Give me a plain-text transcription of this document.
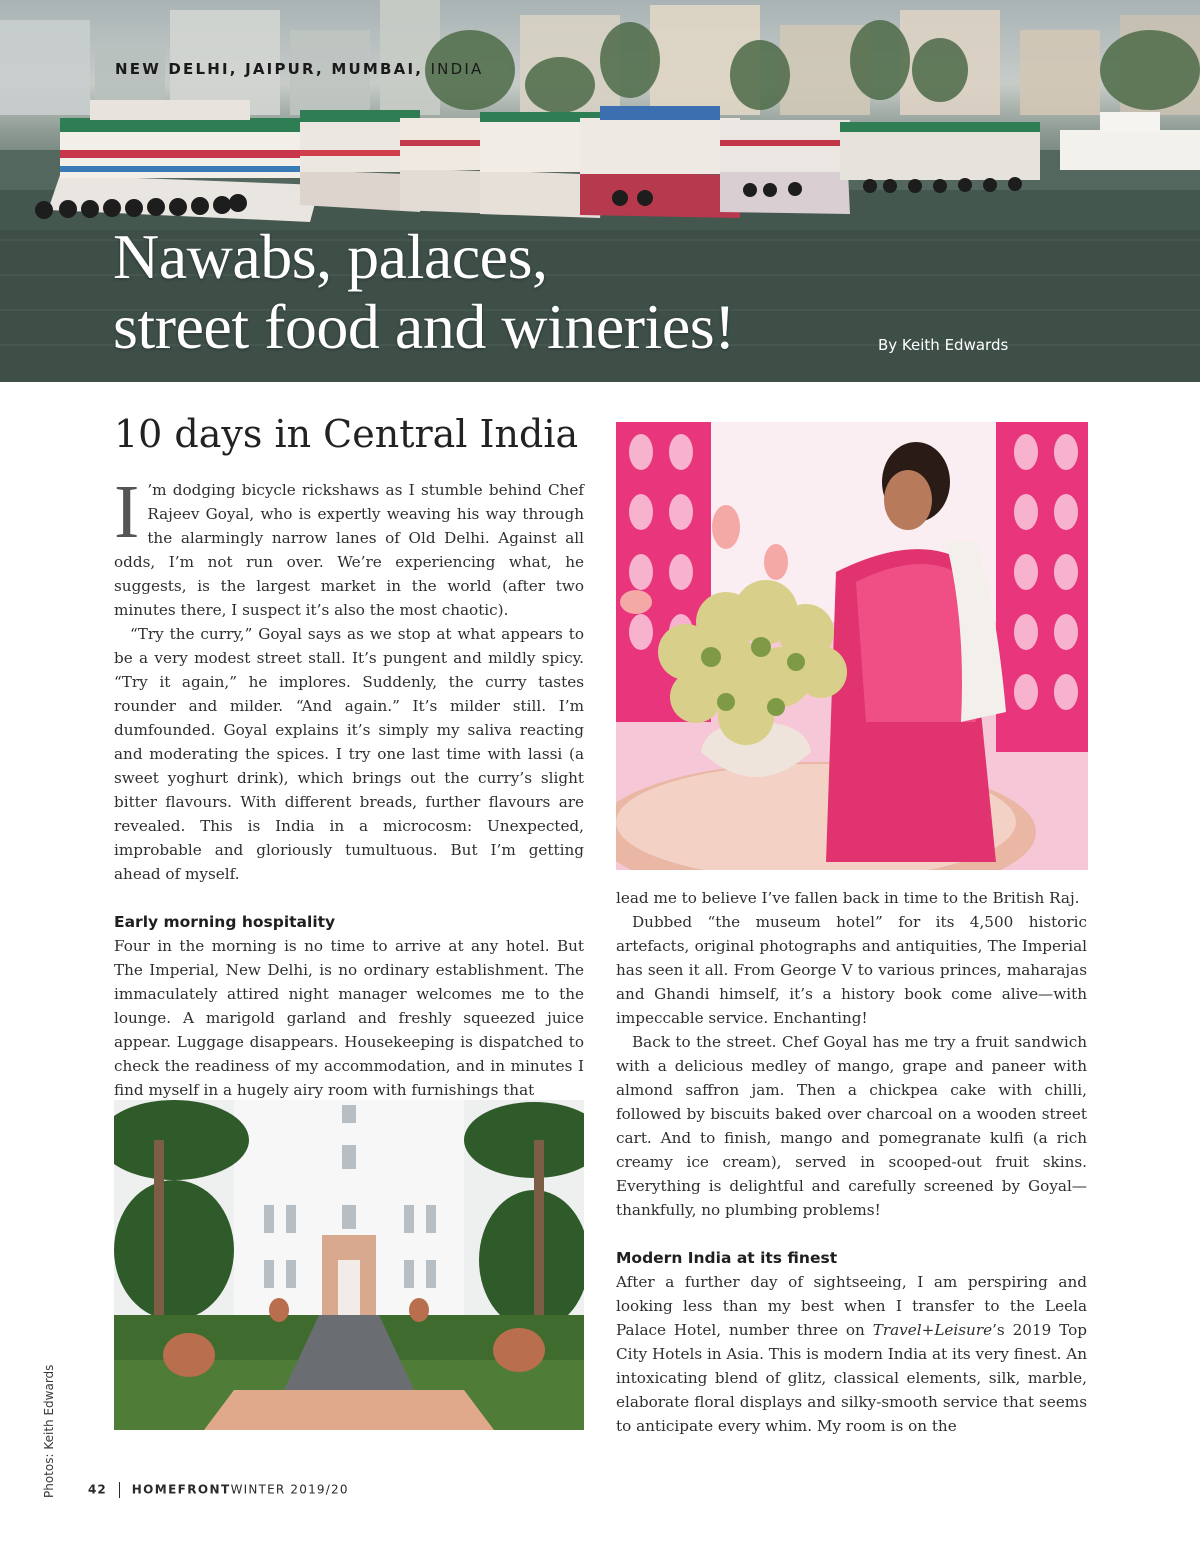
NEW DELHI, JAIPUR, MUMBAI, INDIA

Nawabs, palaces,
street food and wineries!	By Keith Edwards
10 days in Central India

I ’m dodging bicycle rickshaws as I stumble behind Chef Rajeev Goyal, who is expertly weaving his way through the alarmingly narrow lanes of Old Delhi. Against all odds, I’m not run over. We’re experiencing what, he suggests, is the largest market in the world (after two minutes there, I suspect it’s also the most chaotic).

“Try the curry,” Goyal says as we stop at what appears to be a very modest street stall. It’s pungent and mildly spicy. “Try it again,” he implores. Suddenly, the curry tastes rounder and milder. “And again.” It’s milder still. I’m dumfounded. Goyal explains it’s simply my saliva reacting and moderating the spices. I try one last time with lassi (a sweet yoghurt drink), which brings out the curry’s slight bitter flavours. With different breads, further flavours are revealed. This is India in a microcosm: Unexpected, improbable and gloriously tumultuous. But I’m getting ahead of myself.

Early morning hospitality

Four in the morning is no time to arrive at any hotel. But The Imperial, New Delhi, is no ordinary establishment. The immaculately attired night manager welcomes me to the lounge. A marigold garland and freshly squeezed juice appear. Luggage disappears. Housekeeping is dispatched to check the readiness of my accommodation, and in minutes I find myself in a hugely airy room with furnishings that

lead me to believe I’ve fallen back in time to the British Raj.

Dubbed “the museum hotel” for its 4,500 historic artefacts, original photographs and antiquities, The Imperial has seen it all. From George V to various princes, maharajas and Ghandi himself, it’s a history book come alive—with impeccable service. Enchanting!

Back to the street. Chef Goyal has me try a fruit sandwich with a delicious medley of mango, grape and paneer with almond saffron jam. Then a chickpea cake with chilli, followed by biscuits baked over charcoal on a wooden street cart. And to finish, mango and pomegranate kulfi (a rich creamy ice cream), served in scooped-out fruit skins. Everything is delightful and carefully screened by Goyal—thankfully, no plumbing problems!

Modern India at its finest

After a further day of sightseeing, I am perspiring and looking less than my best when I transfer to the Leela Palace Hotel, number three on Travel+Leisure’s 2019 Top City Hotels in Asia. This is modern India at its very finest. An intoxicating blend of glitz, classical elements, silk, marble, elaborate floral displays and silky-smooth service that seems to anticipate every whim. My room is on the

Photos: Keith Edwards	42 HOMEFRONTWINTER 2019/20
